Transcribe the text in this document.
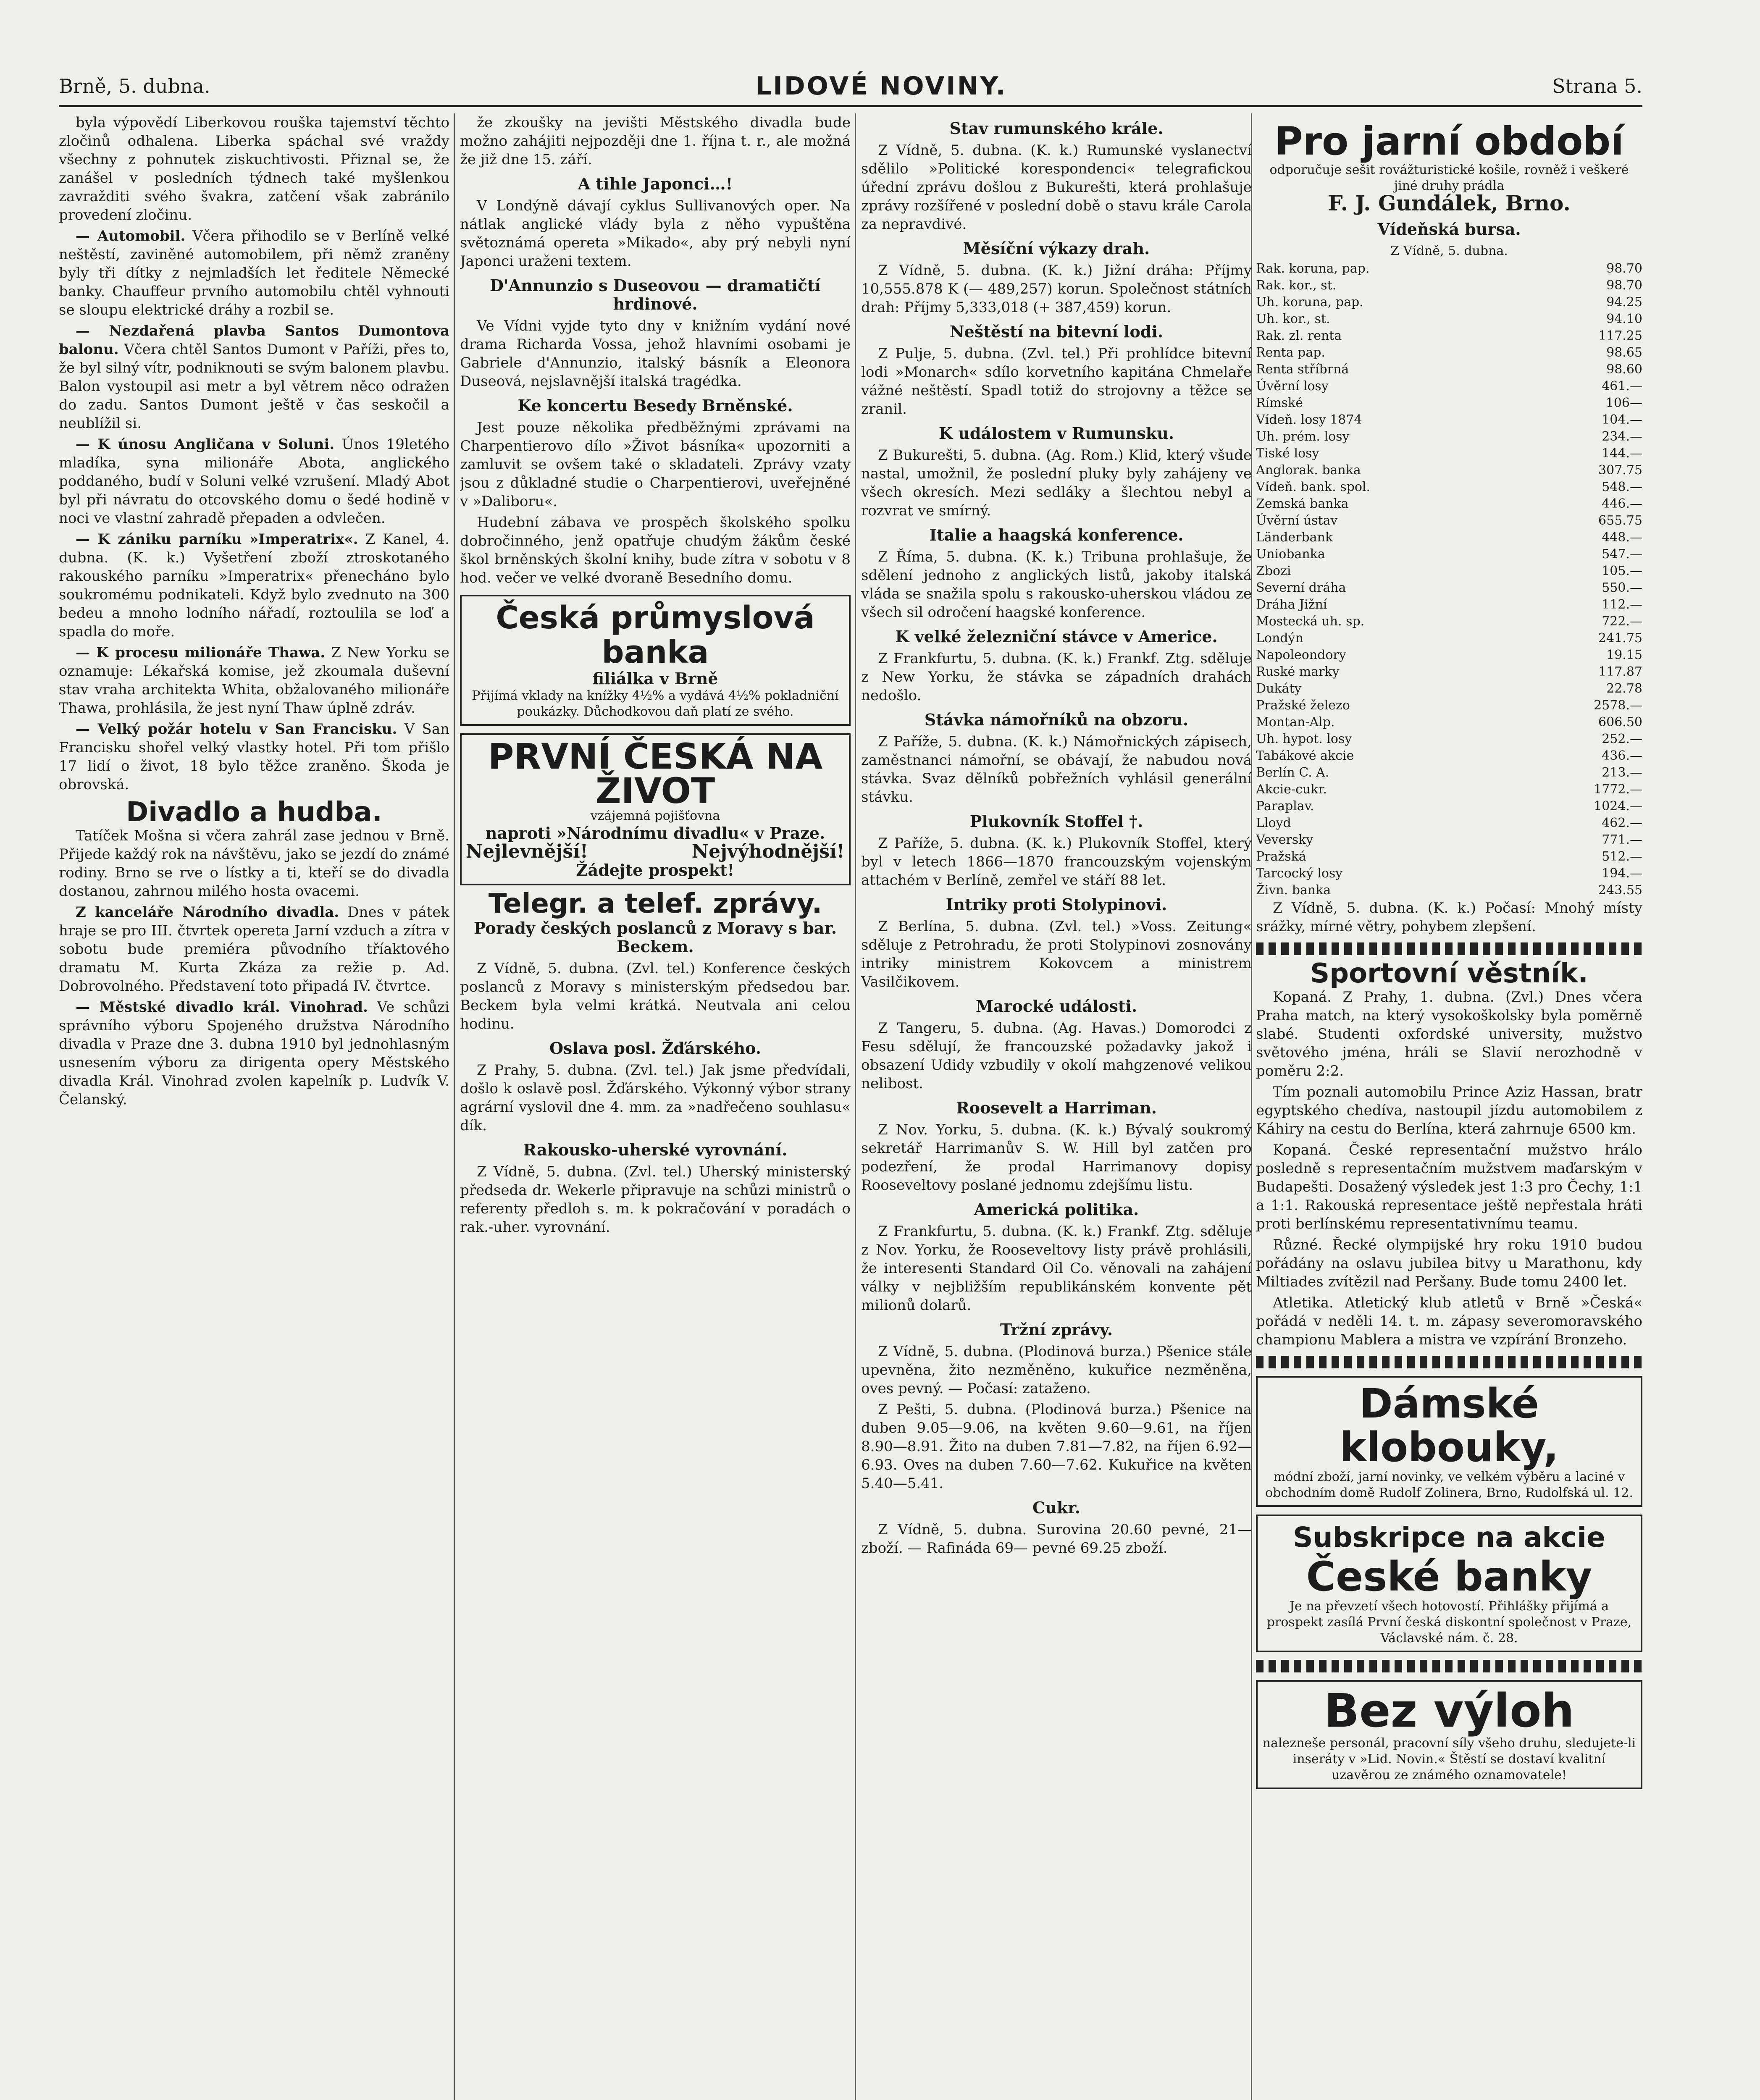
Brně, 5. dubna.	LIDOVÉ NOVINY.	Strana 5.

byla výpovědí Liberkovou rouška tajemství těchto zločinů odhalena. Liberka spáchal své vraždy všechny z pohnutek ziskuchtivosti. Přiznal se, že zanášel v posledních týdnech také myšlenkou zavražditi svého švakra, zatčení však zabránilo provedení zločinu.

— Automobil. Včera přihodilo se v Berlíně velké neštěstí, zaviněné automobilem, při němž zraněny byly tři dítky z nejmladších let ředitele Německé banky. Chauffeur prvního automobilu chtěl vyhnouti se sloupu elektrické dráhy a rozbil se.

— Nezdařená plavba Santos Dumontova balonu. Včera chtěl Santos Dumont v Paříži, přes to, že byl silný vítr, podniknouti se svým balonem plavbu. Balon vystoupil asi metr a byl větrem něco odražen do zadu. Santos Dumont ještě v čas seskočil a neublížil si.

— K únosu Angličana v Soluni. Únos 19letého mladíka, syna milionáře Abota, anglického poddaného, budí v Soluni velké vzrušení. Mladý Abot byl při návratu do otcovského domu o šedé hodině v noci ve vlastní zahradě přepaden a odvlečen.

— K zániku parníku »Imperatrix«. Z Kanel, 4. dubna. (K. k.) Vyšetření zboží ztroskotaného rakouského parníku »Imperatrix« přenecháno bylo soukromému podnikateli. Když bylo zvednuto na 300 bedeu a mnoho lodního nářadí, roztoulila se loď a spadla do moře.

— K procesu milionáře Thawa. Z New Yorku se oznamuje: Lékařská komise, jež zkoumala duševní stav vraha architekta Whita, obžalovaného milionáře Thawa, prohlásila, že jest nyní Thaw úplně zdráv.

— Velký požár hotelu v San Francisku. V San Francisku shořel velký vlastky hotel. Při tom přišlo 17 lidí o život, 18 bylo těžce zraněno. Škoda je obrovská.

Divadlo a hudba.

Tatíček Mošna si včera zahrál zase jednou v Brně. Přijede každý rok na návštěvu, jako se jezdí do známé rodiny. Brno se rve o lístky a ti, kteří se do divadla dostanou, zahrnou milého hosta ovacemi.

Z kanceláře Národního divadla. Dnes v pátek hraje se pro III. čtvrtek opereta Jarní vzduch a zítra v sobotu bude premiéra původního tříaktového dramatu M. Kurta Zkáza za režie p. Ad. Dobrovolného. Představení toto připadá IV. čtvrtce.

— Městské divadlo král. Vinohrad. Ve schůzi správního výboru Spojeného družstva Národního divadla v Praze dne 3. dubna 1910 byl jednohlasným usnesením výboru za dirigenta opery Městského divadla Král. Vinohrad zvolen kapelník p. Ludvík V. Čelanský.

že zkoušky na jevišti Městského divadla bude možno zahájiti nejpozději dne 1. října t. r., ale možná že již dne 15. září.

A tihle Japonci…!

V Londýně dávají cyklus Sullivanových oper. Na nátlak anglické vlády byla z něho vypuštěna světoznámá opereta »Mikado«, aby prý nebyli nyní Japonci uraženi textem.

D'Annunzio s Duseovou — dramatičtí hrdinové.

Ve Vídni vyjde tyto dny v knižním vydání nové drama Richarda Vossa, jehož hlavními osobami je Gabriele d'Annunzio, italský básník a Eleonora Duseová, nejslavnější italská tragédka.

Ke koncertu Besedy Brněnské.

Jest pouze několika předběžnými zprávami na Charpentierovo dílo »Život básníka« upozorniti a zamluvit se ovšem také o skladateli. Zprávy vzaty jsou z důkladné studie o Charpentierovi, uveřejněné v »Daliboru«.

Hudební zábava ve prospěch školského spolku dobročinného, jenž opatřuje chudým žákům české škol brněnských školní knihy, bude zítra v sobotu v 8 hod. večer ve velké dvoraně Besedního domu.

Česká průmyslová banka
filiálka v Brně
Přijímá vklady na knížky 4½% a vydává 4½% pokladniční poukázky. Důchodkovou daň platí ze svého.
PRVNÍ ČESKÁ NA ŽIVOT
vzájemná pojišťovna
naproti »Národnímu divadlu« v Praze.
Nejlevnější!	Nejvýhodnější!
Žádejte prospekt!
Telegr. a telef. zprávy.
Porady českých poslanců z Moravy s bar. Beckem.

Z Vídně, 5. dubna. (Zvl. tel.) Konference českých poslanců z Moravy s ministerským předsedou bar. Beckem byla velmi krátká. Neutvala ani celou hodinu.

Oslava posl. Žďárského.

Z Prahy, 5. dubna. (Zvl. tel.) Jak jsme předvídali, došlo k oslavě posl. Žďárského. Výkonný výbor strany agrární vyslovil dne 4. mm. za »nadřečeno souhlasu« dík.

Rakousko-uherské vyrovnání.

Z Vídně, 5. dubna. (Zvl. tel.) Uherský ministerský předseda dr. Wekerle připravuje na schůzi ministrů o referenty předloh s. m. k pokračování v poradách o rak.-uher. vyrovnání.

Stav rumunského krále.

Z Vídně, 5. dubna. (K. k.) Rumunské vyslanectví sdělilo »Politické korespondenci« telegrafickou úřední zprávu došlou z Bukurešti, která prohlašuje zprávy rozšířené v poslední době o stavu krále Carola za nepravdivé.

Měsíční výkazy drah.

Z Vídně, 5. dubna. (K. k.) Jižní dráha: Příjmy 10,555.878 K (— 489,257) korun. Společnost státních drah: Příjmy 5,333,018 (+ 387,459) korun.

Neštěstí na bitevní lodi.

Z Pulje, 5. dubna. (Zvl. tel.) Při prohlídce bitevní lodi »Monarch« sdílo korvetního kapitána Chmelaře vážné neštěstí. Spadl totiž do strojovny a těžce se zranil.

K událostem v Rumunsku.

Z Bukurešti, 5. dubna. (Ag. Rom.) Klid, který všude nastal, umožnil, že poslední pluky byly zahájeny ve všech okresích. Mezi sedláky a šlechtou nebyl a rozvrat ve smírný.

Italie a haagská konference.

Z Říma, 5. dubna. (K. k.) Tribuna prohlašuje, že sdělení jednoho z anglických listů, jakoby italská vláda se snažila spolu s rakousko-uherskou vládou ze všech sil odročení haagské konference.

K velké železniční stávce v Americe.

Z Frankfurtu, 5. dubna. (K. k.) Frankf. Ztg. sděluje z New Yorku, že stávka se západních drahách nedošlo.

Stávka námořníků na obzoru.

Z Paříže, 5. dubna. (K. k.) Námořnických zápisech, zaměstnanci námořní, se obávají, že nabudou nová stávka. Svaz dělníků pobřežních vyhlásil generální stávku.

Plukovník Stoffel †.

Z Paříže, 5. dubna. (K. k.) Plukovník Stoffel, který byl v letech 1866—1870 francouzským vojenským attachém v Berlíně, zemřel ve stáří 88 let.

Intriky proti Stolypinovi.

Z Berlína, 5. dubna. (Zvl. tel.) »Voss. Zeitung« sděluje z Petrohradu, že proti Stolypinovi zosnovány intriky ministrem Kokovcem a ministrem Vasilčikovem.

Marocké události.

Z Tangeru, 5. dubna. (Ag. Havas.) Domorodci z Fesu sdělují, že francouzské požadavky jakož i obsazení Udidy vzbudily v okolí mahgzenové velikou nelibost.

Roosevelt a Harriman.

Z Nov. Yorku, 5. dubna. (K. k.) Bývalý soukromý sekretář Harrimanův S. W. Hill byl zatčen pro podezření, že prodal Harrimanovy dopisy Rooseveltovy poslané jednomu zdejšímu listu.

Americká politika.

Z Frankfurtu, 5. dubna. (K. k.) Frankf. Ztg. sděluje z Nov. Yorku, že Rooseveltovy listy právě prohlásili, že interesenti Standard Oil Co. věnovali na zahájení války v nejbližším republikánském konvente pět milionů dolarů.

Tržní zprávy.

Z Vídně, 5. dubna. (Plodinová burza.) Pšenice stále upevněna, žito nezměněno, kukuřice nezměněna, oves pevný. — Počasí: zataženo.

Z Pešti, 5. dubna. (Plodinová burza.) Pšenice na duben 9.05—9.06, na květen 9.60—9.61, na říjen 8.90—8.91. Žito na duben 7.81—7.82, na říjen 6.92—6.93. Oves na duben 7.60—7.62. Kukuřice na květen 5.40—5.41.

Cukr.

Z Vídně, 5. dubna. Surovina 20.60 pevné, 21— zboží. — Rafináda 69— pevné 69.25 zboží.

Pro jarní období
odporučuje sešit rovážturistické košile, rovněž i veškeré jiné druhy prádla
F. J. Gundálek, Brno.
Vídeňská bursa.
Z Vídně, 5. dubna.
Rak. koruna, pap.	98.70
Rak. kor., st.	98.70
Uh. koruna, pap.	94.25
Uh. kor., st.	94.10
Rak. zl. renta	117.25
Renta pap.	98.65
Renta stříbrná	98.60
Úvěrní losy	461.—
Rímské	106—
Vídeň. losy 1874	104.—
Uh. prém. losy	234.—
Tiské losy	144.—
Anglorak. banka	307.75
Vídeň. bank. spol.	548.—
Zemská banka	446.—
Úvěrní ústav	655.75
Länderbank	448.—
Uniobanka	547.—
Zbozi	105.—
Severní dráha	550.—
Dráha Jižní	112.—
Mostecká uh. sp.	722.—
Londýn	241.75
Napoleondory	19.15
Ruské marky	117.87
Dukáty	22.78
Pražské železo	2578.—
Montan-Alp.	606.50
Uh. hypot. losy	252.—
Tabákové akcie	436.—
Berlín C. A.	213.—
Akcie-cukr.	1772.—
Paraplav.	1024.—
Lloyd	462.—
Veversky	771.—
Pražská	512.—
Tarcocký losy	194.—
Živn. banka	243.55

Z Vídně, 5. dubna. (K. k.) Počasí: Mnohý místy srážky, mírné větry, pohybem zlepšení.

Sportovní věstník.

Kopaná. Z Prahy, 1. dubna. (Zvl.) Dnes včera Praha match, na který vysokoškolsky byla poměrně slabé. Studenti oxfordské university, mužstvo světového jména, hráli se Slavií nerozhodně v poměru 2:2.

Tím poznali automobilu Prince Aziz Hassan, bratr egyptského chedíva, nastoupil jízdu automobilem z Káhiry na cestu do Berlína, která zahrnuje 6500 km.

Kopaná. České representační mužstvo hrálo posledně s representačním mužstvem maďarským v Budapešti. Dosažený výsledek jest 1:3 pro Čechy, 1:1 a 1:1. Rakouská representace ještě nepřestala hráti proti berlínskému representativnímu teamu.

Různé. Řecké olympijské hry roku 1910 budou pořádány na oslavu jubilea bitvy u Marathonu, kdy Miltiades zvítězil nad Peršany. Bude tomu 2400 let.

Atletika. Atletický klub atletů v Brně »Česká« pořádá v neděli 14. t. m. zápasy severomoravského championu Mablera a mistra ve vzpírání Bronzeho.

Dámské klobouky,
módní zboží, jarní novinky, ve velkém výběru a laciné v obchodním domě Rudolf Zolinera, Brno, Rudolfská ul. 12.
Subskripce na akcie
České banky
Je na převzetí všech hotovostí. Přihlášky přijímá a prospekt zasílá První česká diskontní společnost v Praze, Václavské nám. č. 28.
Bez výloh
nalezneše personál, pracovní síly všeho druhu, sledujete-li inseráty v »Lid. Novin.« Štěstí se dostaví kvalitní uzavěrou ze známého oznamovatele!
